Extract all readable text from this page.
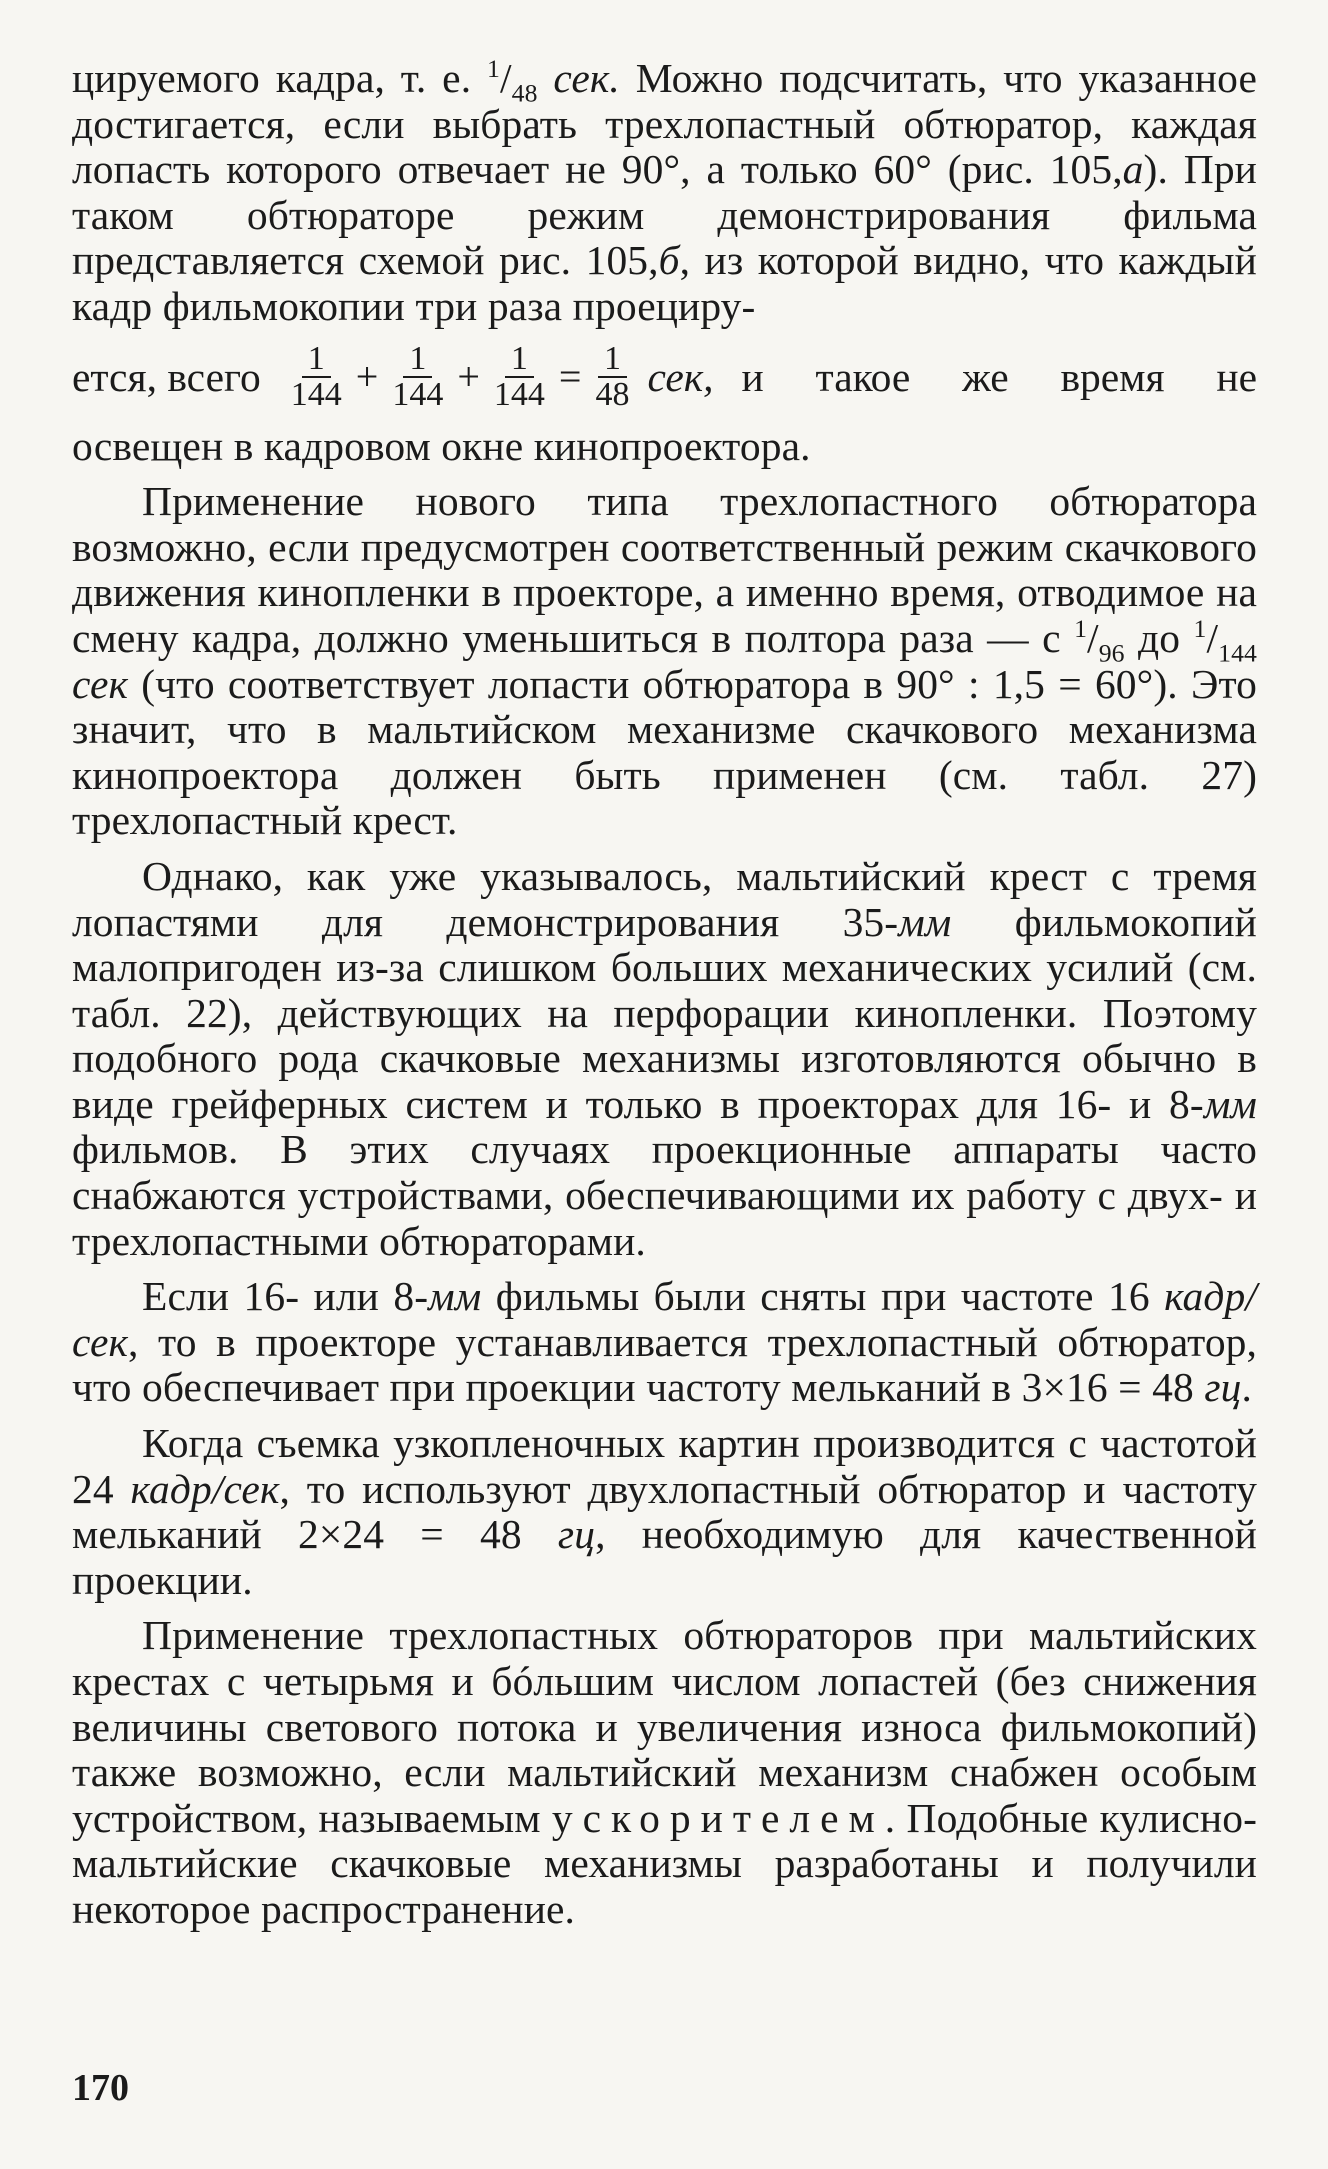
цируемого кадра, т. е. $^1/_{48}$ сек. Можно подсчитать, что указанное достигается, если выбрать трехлопастный обтюратор, каждая лопасть которого отвечает не 90°, а только 60° (рис. 105,а). При таком обтюраторе режим демонстрирования фильма представляется схемой рис. 105,б, из которой видно, что каждый кадр фильмокопии три раза проециру-

ется, всего $\frac{1}{144} + \frac{1}{144} + \frac{1}{144} = \frac{1}{48}$ сек, и такое же время не

освещен в кадровом окне кинопроектора.

Применение нового типа трехлопастного обтюратора возможно, если предусмотрен соответственный режим скачкового движения кинопленки в проекторе, а именно время, отводимое на смену кадра, должно уменьшиться в полтора раза — с $^1/_{96}$ до $^1/_{144}$ сек (что соответствует лопасти обтюратора в 90° : 1,5 = 60°). Это значит, что в мальтийском механизме скачкового механизма кинопроектора должен быть применен (см. табл. 27) трехлопастный крест.

Однако, как уже указывалось, мальтийский крест с тремя лопастями для демонстрирования 35-мм фильмокопий малопригоден из-за слишком больших механических усилий (см. табл. 22), действующих на перфорации кинопленки. Поэтому подобного рода скачковые механизмы изготовляются обычно в виде грейферных систем и только в проекторах для 16- и 8-мм фильмов. В этих случаях проекционные аппараты часто снабжаются устройствами, обеспечивающими их работу с двух- и трехлопастными обтюраторами.

Если 16- или 8-мм фильмы были сняты при частоте 16 кадр/сек, то в проекторе устанавливается трехлопастный обтюратор, что обеспечивает при проекции частоту мельканий в 3×16 = 48 гц.

Когда съемка узкопленочных картин производится с частотой 24 кадр/сек, то используют двухлопастный обтюратор и частоту мельканий 2×24 = 48 гц, необходимую для качественной проекции.

Применение трехлопастных обтюраторов при мальтийских крестах с четырьмя и бóльшим числом лопастей (без снижения величины светового потока и увеличения износа фильмокопий) также возможно, если мальтийский механизм снабжен особым устройством, называемым ускорителем. Подобные кулисно-мальтийские скачковые механизмы разработаны и получили некоторое распространение.

170
